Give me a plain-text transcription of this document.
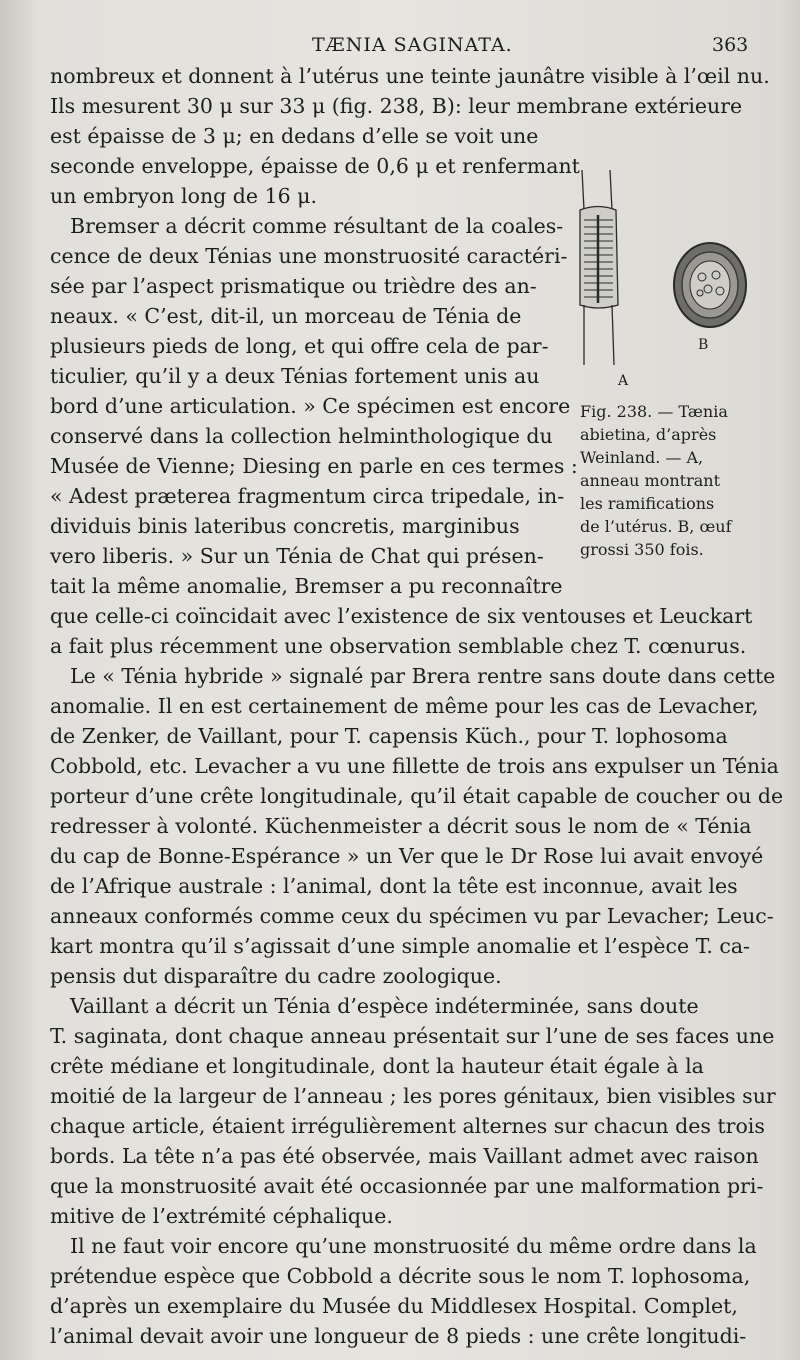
TÆNIA SAGINATA.	363
nombreux et donnent à l’utérus une teinte jaunâtre visible à l’œil nu.
Ils mesurent 30 μ sur 33 μ (fig. 238, B): leur membrane extérieure
est épaisse de 3 μ; en dedans d’elle se voit une
seconde enveloppe, épaisse de 0,6 μ et renfermant
un embryon long de 16 μ.
Bremser a décrit comme résultant de la coales-
cence de deux Ténias une monstruosité caractéri-
sée par l’aspect prismatique ou trièdre des an-
neaux. « C’est, dit-il, un morceau de Ténia de
plusieurs pieds de long, et qui offre cela de par-
ticulier, qu’il y a deux Ténias fortement unis au
bord d’une articulation. » Ce spécimen est encore
conservé dans la collection helminthologique du
Musée de Vienne; Diesing en parle en ces termes :
« Adest præterea fragmentum circa tripedale, in-
dividuis binis lateribus concretis, marginibus
vero liberis. » Sur un Ténia de Chat qui présen-
tait la même anomalie, Bremser a pu reconnaître
que celle-ci coïncidait avec l’existence de six ventouses et Leuckart
a fait plus récemment une observation semblable chez T. cœnurus.
Le « Ténia hybride » signalé par Brera rentre sans doute dans cette
anomalie. Il en est certainement de même pour les cas de Levacher,
de Zenker, de Vaillant, pour T. capensis Küch., pour T. lophosoma
Cobbold, etc. Levacher a vu une fillette de trois ans expulser un Ténia
porteur d’une crête longitudinale, qu’il était capable de coucher ou de
redresser à volonté. Küchenmeister a décrit sous le nom de « Ténia
du cap de Bonne-Espérance » un Ver que le Dr Rose lui avait envoyé
de l’Afrique australe : l’animal, dont la tête est inconnue, avait les
anneaux conformés comme ceux du spécimen vu par Levacher; Leuc-
kart montra qu’il s’agissait d’une simple anomalie et l’espèce T. ca-
pensis dut disparaître du cadre zoologique.
Vaillant a décrit un Ténia d’espèce indéterminée, sans doute
T. saginata, dont chaque anneau présentait sur l’une de ses faces une
crête médiane et longitudinale, dont la hauteur était égale à la
moitié de la largeur de l’anneau ; les pores génitaux, bien visibles sur
chaque article, étaient irrégulièrement alternes sur chacun des trois
bords. La tête n’a pas été observée, mais Vaillant admet avec raison
que la monstruosité avait été occasionnée par une malformation pri-
mitive de l’extrémité céphalique.
Il ne faut voir encore qu’une monstruosité du même ordre dans la
prétendue espèce que Cobbold a décrite sous le nom T. lophosoma,
d’après un exemplaire du Musée du Middlesex Hospital. Complet,
l’animal devait avoir une longueur de 8 pieds : une crête longitudi-
A
B
Fig. 238. — Tænia
abietina, d’après
Weinland. — A,
anneau montrant
les ramifications
de l’utérus. B, œuf
grossi 350 fois.
